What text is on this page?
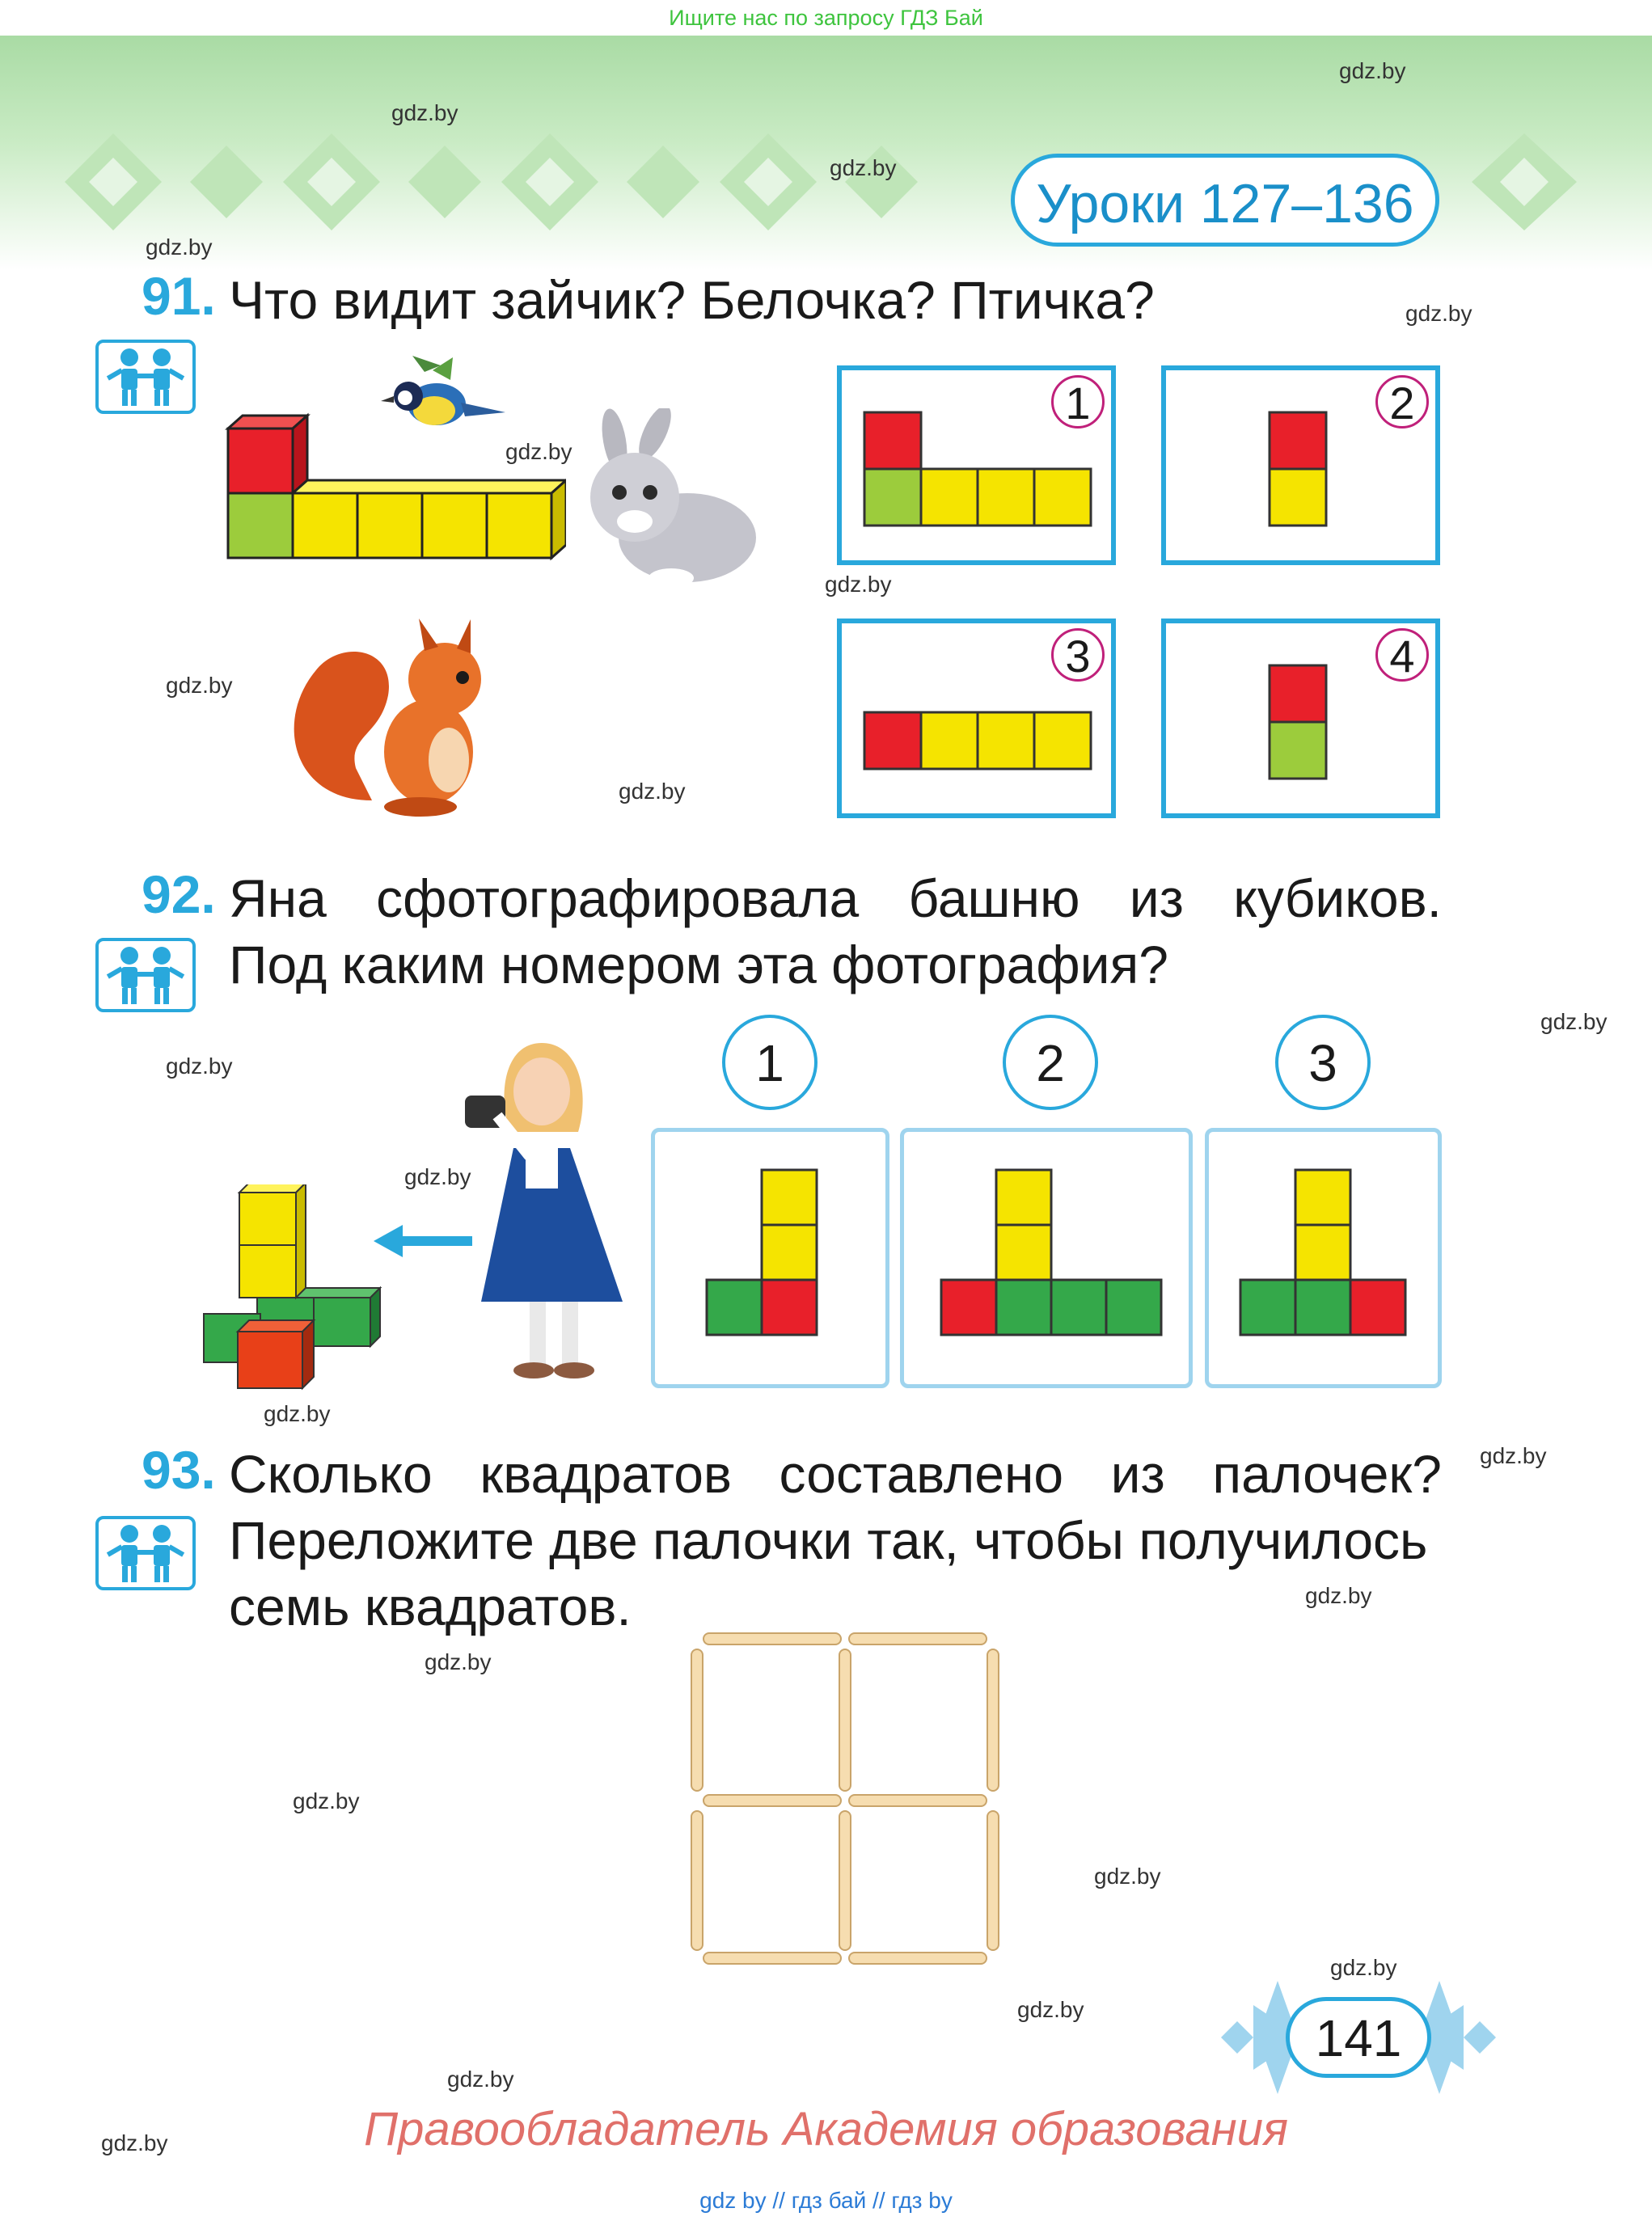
Ищите нас по запросу ГДЗ Бай
Уроки 127–136
gdz.by
gdz.by
gdz.by
gdz.by
gdz.by
gdz.by
gdz.by
gdz.by
gdz.by
gdz.by
gdz.by
gdz.by
gdz.by
gdz.by
gdz.by
gdz.by
gdz.by
gdz.by
gdz.by
gdz.by
gdz.by
gdz.by
91. Что видит зайчик? Белочка? Птичка?
1	2
3	4
92. Яна сфотографировала башню из кубиков.
Под каким номером эта фотография?
1	2	3
93. Сколько квадратов составлено из палочек?
Переложите две палочки так, чтобы получилось
семь квадратов.
141
Правообладатель Академия образования
gdz by // гдз бай // гдз by
